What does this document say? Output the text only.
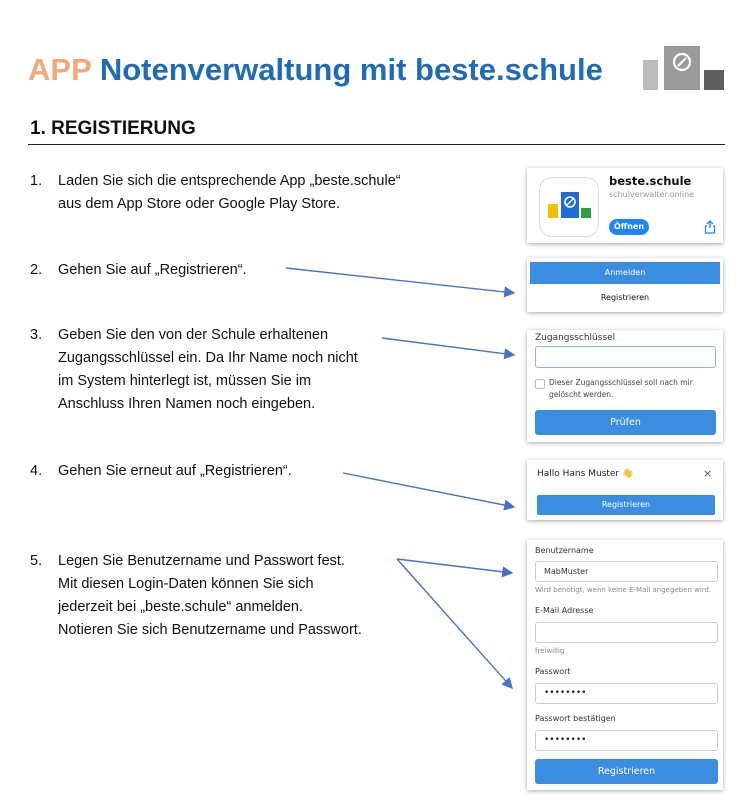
APP Notenverwaltung mit beste.schule
1. REGISTIERUNG
1. Laden Sie sich die entsprechende App „beste.schule“
aus dem App Store oder Google Play Store.
2. Gehen Sie auf „Registrieren“.
3. Geben Sie den von der Schule erhaltenen
Zugangsschlüssel ein. Da Ihr Name noch nicht
im System hinterlegt ist, müssen Sie im
Anschluss Ihren Namen noch eingeben.
4. Gehen Sie erneut auf „Registrieren“.
5. Legen Sie Benutzername und Passwort fest.
Mit diesen Login-Daten können Sie sich
jederzeit bei „beste.schule“ anmelden.
Notieren Sie sich Benutzername und Passwort.
beste.schule
schulverwalter.online
Öffnen
Anmelden
Registrieren
Zugangsschlüssel
Dieser Zugangsschlüssel soll nach mir
gelöscht werden.
Prüfen
Hallo Hans Muster 👋	×
Registrieren
Benutzername
MabMuster
Wird benötigt, wenn keine E-Mail angegeben wird.
E-Mail Adresse
freiwillig
Passwort
••••••••
Passwort bestätigen
••••••••
Registrieren
